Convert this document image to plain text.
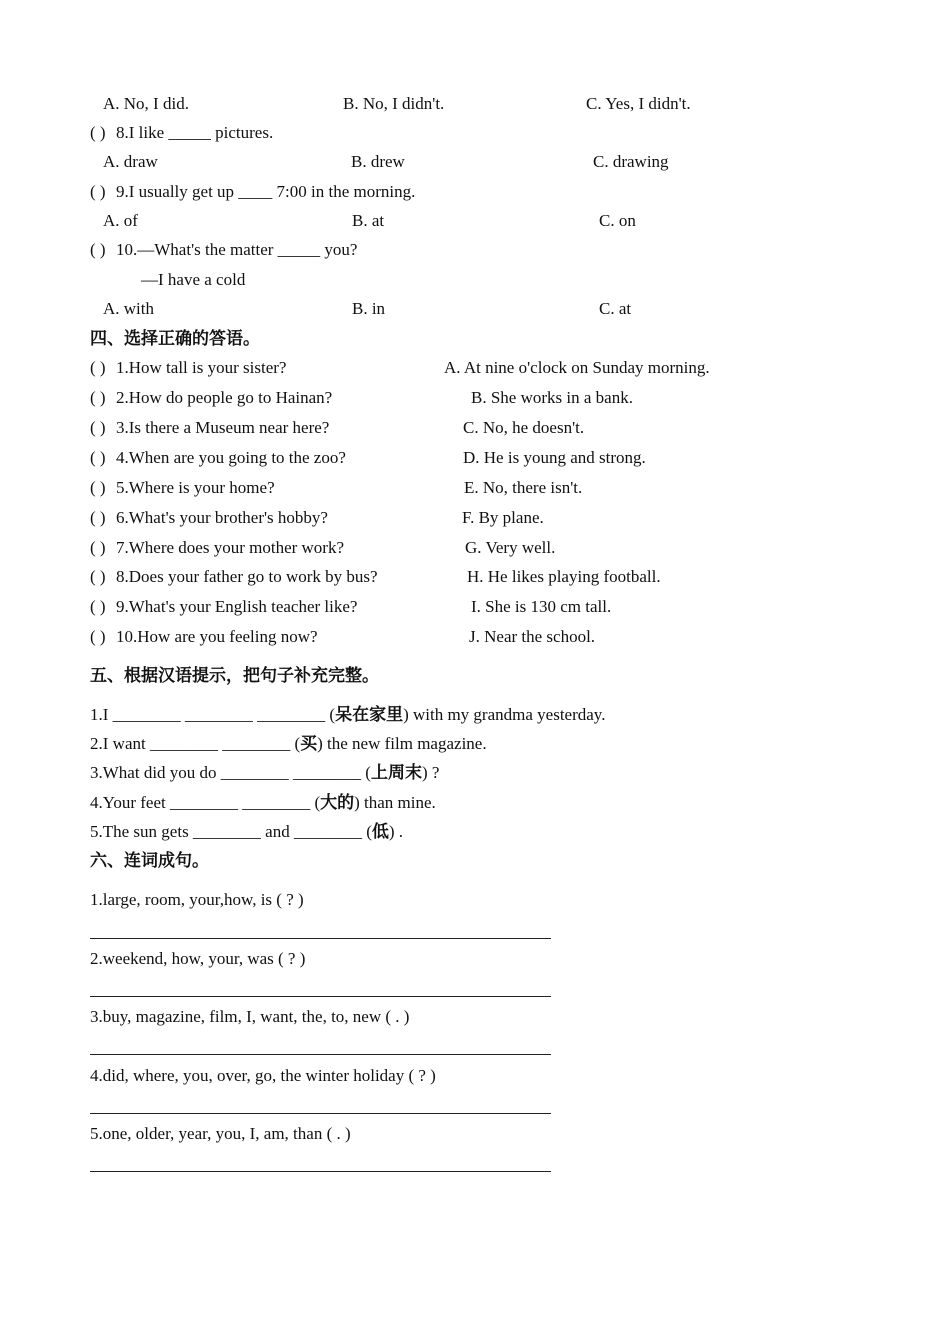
A. No, I did.	B. No, I didn't.	C. Yes, I didn't.
( ) 8.I like _____ pictures.
A. draw	B. drew	C. drawing
( ) 9.I usually get up ____ 7:00 in the morning.
A. of	B. at	C. on
( ) 10.—What's the matter _____ you?
—I have a cold
A. with	B. in	C. at
四、选择正确的答语。
( ) 1.How tall is your sister?	A. At nine o'clock on Sunday morning.
( ) 2.How do people go to Hainan?	B. She works in a bank.
( ) 3.Is there a Museum near here?	C. No, he doesn't.
( ) 4.When are you going to the zoo?	D. He is young and strong.
( ) 5.Where is your home?	E. No, there isn't.
( ) 6.What's your brother's hobby?	F. By plane.
( ) 7.Where does your mother work?	G. Very well.
( ) 8.Does your father go to work by bus?	H. He likes playing football.
( ) 9.What's your English teacher like?	I. She is 130 cm tall.
( ) 10.How are you feeling now?	J. Near the school.
五、根据汉语提示，把句子补充完整。
1.I ________ ________ ________ (呆在家里) with my grandma yesterday.
2.I want ________ ________ (买) the new film magazine.
3.What did you do ________ ________ (上周末) ?
4.Your feet ________ ________ (大的) than mine.
5.The sun gets ________ and ________ (低) .
六、连词成句。
1.large, room, your,how, is ( ? )
2.weekend, how, your, was ( ? )
3.buy, magazine, film, I, want, the, to, new ( . )
4.did, where, you, over, go, the winter holiday ( ? )
5.one, older, year, you, I, am, than ( . )
